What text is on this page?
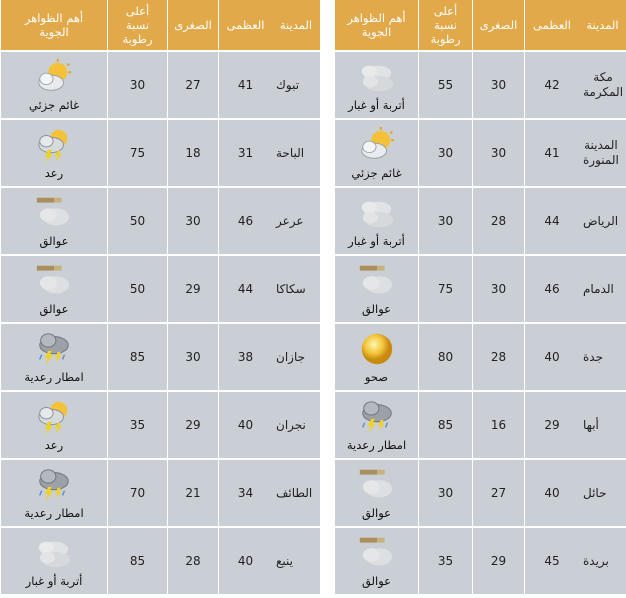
المدينة
العظمى
الصغرى
أعلى
نسبة
رطوبة
أهم الظواهر
الجوية
مكة
المكرمة
42
30
55
أتربة أو غبار
المدينة
المنورة
41
30
30
غائم جزئي
الرياض
44
28
30
أتربة أو غبار
الدمام
46
30
75
عوالق
جدة
40
28
80
صحو
أبها
29
16
85
امطار رعدية
حائل
40
27
30
عوالق
بريدة
45
29
35
عوالق
المدينة
العظمى
الصغرى
أعلى
نسبة
رطوبة
أهم الظواهر
الجوية
تبوك
41
27
30
غائم جزئي
الباحة
31
18
75
رعد
عرعر
46
30
50
عوالق
سكاكا
44
29
50
عوالق
جازان
38
30
85
امطار رعدية
نجران
40
29
35
رعد
الطائف
34
21
70
امطار رعدية
ينبع
40
28
85
أتربة أو غبار
